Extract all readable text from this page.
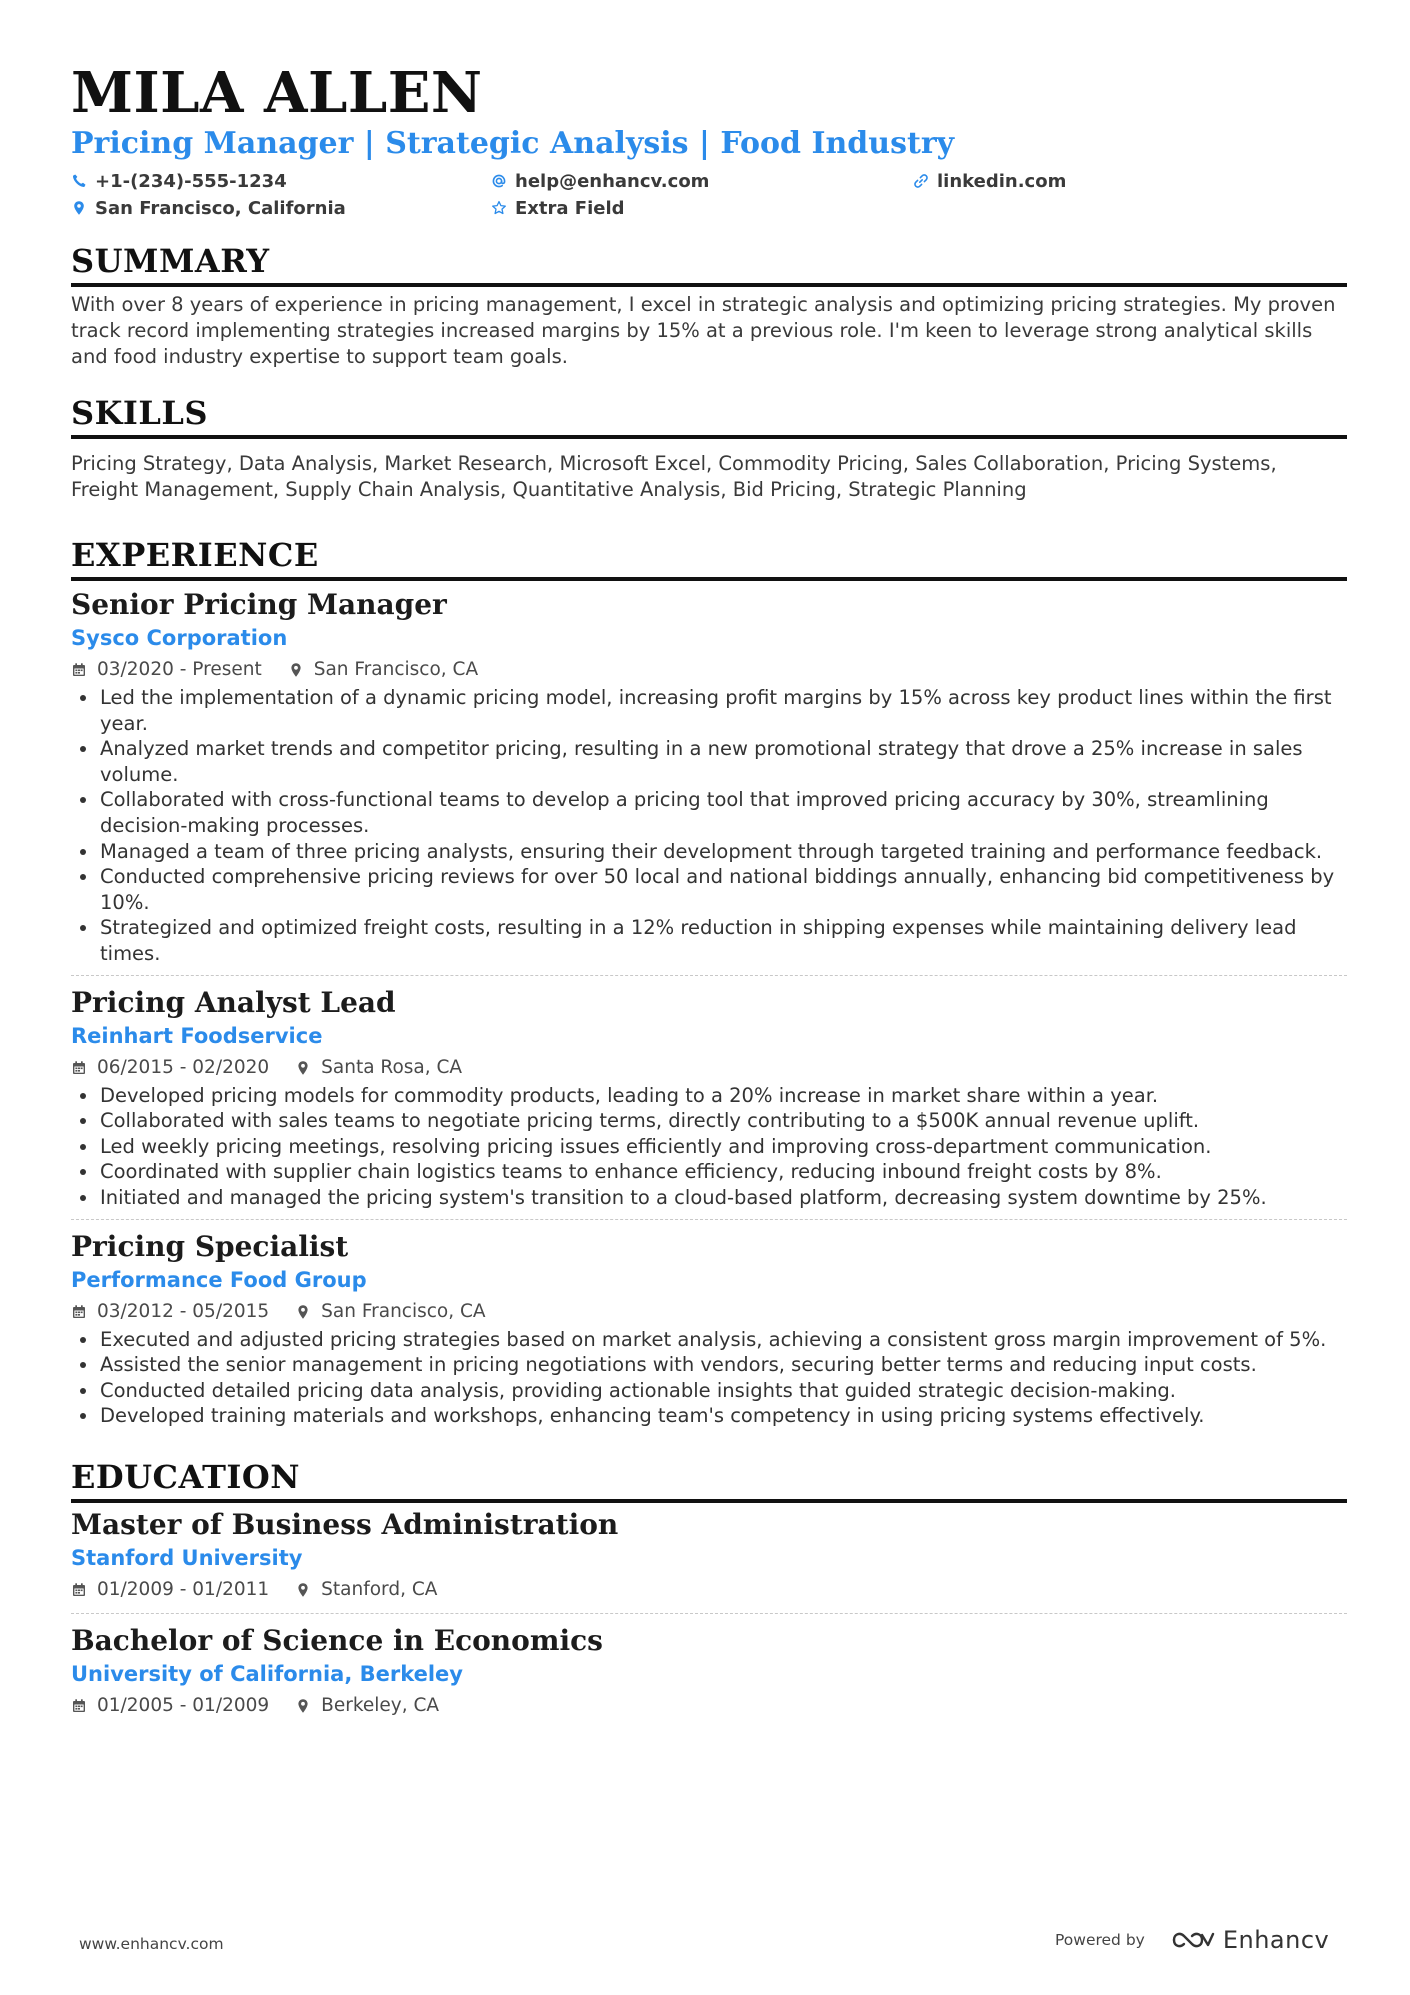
MILA ALLEN

Pricing Manager | Strategic Analysis | Food Industry

+1-(234)-555-1234	help@enhancv.com	linkedin.com
San Francisco, California	Extra Field
SUMMARY

With over 8 years of experience in pricing management, I excel in strategic analysis and optimizing pricing strategies. My proven track record implementing strategies increased margins by 15% at a previous role. I'm keen to leverage strong analytical skills and food industry expertise to support team goals.

SKILLS

Pricing Strategy, Data Analysis, Market Research, Microsoft Excel, Commodity Pricing, Sales Collaboration, Pricing Systems, Freight Management, Supply Chain Analysis, Quantitative Analysis, Bid Pricing, Strategic Planning

EXPERIENCE
Senior Pricing Manager

Sysco Corporation

03/2020 - Present	San Francisco, CA
Led the implementation of a dynamic pricing model, increasing profit margins by 15% across key product lines within the first year.
Analyzed market trends and competitor pricing, resulting in a new promotional strategy that drove a 25% increase in sales volume.
Collaborated with cross-functional teams to develop a pricing tool that improved pricing accuracy by 30%, streamlining decision-making processes.
Managed a team of three pricing analysts, ensuring their development through targeted training and performance feedback.
Conducted comprehensive pricing reviews for over 50 local and national biddings annually, enhancing bid competitiveness by 10%.
Strategized and optimized freight costs, resulting in a 12% reduction in shipping expenses while maintaining delivery lead times.
Pricing Analyst Lead

Reinhart Foodservice

06/2015 - 02/2020	Santa Rosa, CA
Developed pricing models for commodity products, leading to a 20% increase in market share within a year.
Collaborated with sales teams to negotiate pricing terms, directly contributing to a $500K annual revenue uplift.
Led weekly pricing meetings, resolving pricing issues efficiently and improving cross-department communication.
Coordinated with supplier chain logistics teams to enhance efficiency, reducing inbound freight costs by 8%.
Initiated and managed the pricing system's transition to a cloud-based platform, decreasing system downtime by 25%.
Pricing Specialist

Performance Food Group

03/2012 - 05/2015	San Francisco, CA
Executed and adjusted pricing strategies based on market analysis, achieving a consistent gross margin improvement of 5%.
Assisted the senior management in pricing negotiations with vendors, securing better terms and reducing input costs.
Conducted detailed pricing data analysis, providing actionable insights that guided strategic decision-making.
Developed training materials and workshops, enhancing team's competency in using pricing systems effectively.
EDUCATION
Master of Business Administration

Stanford University

01/2009 - 01/2011	Stanford, CA
Bachelor of Science in Economics

University of California, Berkeley

01/2005 - 01/2009	Berkeley, CA
www.enhancv.com	Powered by	Enhancv
